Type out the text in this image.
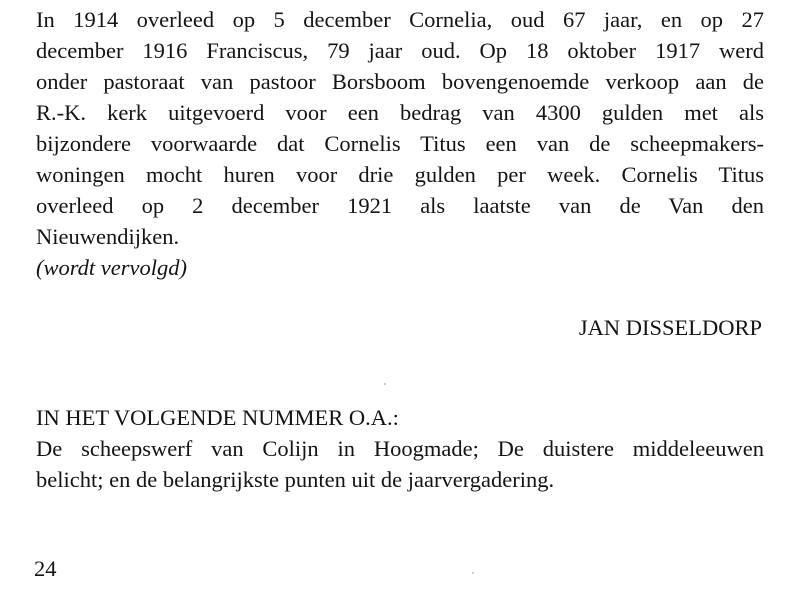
In 1914 overleed op 5 december Cornelia, oud 67 jaar, en op 27
december 1916 Franciscus, 79 jaar oud. Op 18 oktober 1917 werd
onder pastoraat van pastoor Borsboom bovengenoemde verkoop aan de
R.-K. kerk uitgevoerd voor een bedrag van 4300 gulden met als
bijzondere voorwaarde dat Cornelis Titus een van de scheepmakers-
woningen mocht huren voor drie gulden per week. Cornelis Titus
overleed op 2 december 1921 als laatste van de Van den
Nieuwendijken.
(wordt vervolgd)

JAN DISSELDORP

IN HET VOLGENDE NUMMER O.A.:
De scheepswerf van Colijn in Hoogmade; De duistere middeleeuwen
belicht; en de belangrijkste punten uit de jaarvergadering.

24
